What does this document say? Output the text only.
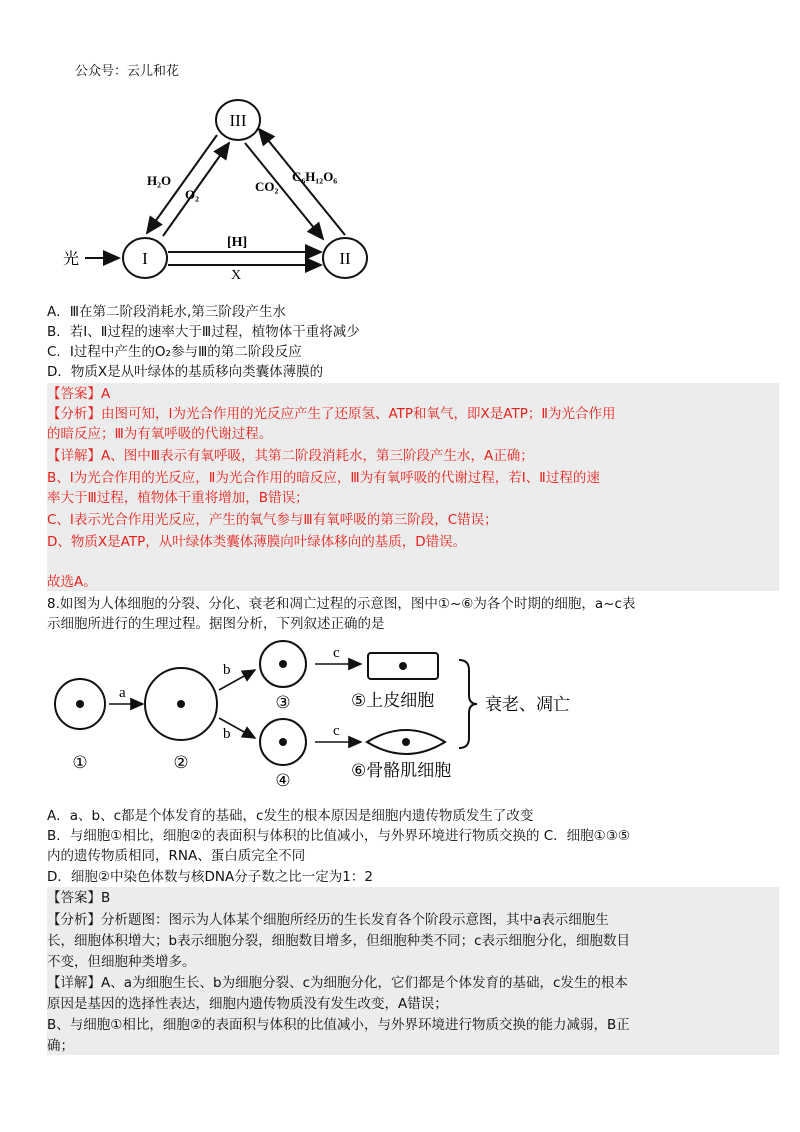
公众号：云儿和花
III
I	II
H₂O
O₂
CO₂
C₆H₁₂O₆
光
[H]
X
A．Ⅲ在第二阶段消耗水,第三阶段产生水
B．若Ⅰ、Ⅱ过程的速率大于Ⅲ过程，植物体干重将减少
C．Ⅰ过程中产生的O₂参与Ⅲ的第二阶段反应
D．物质X是从叶绿体的基质移向类囊体薄膜的
【答案】A
【分析】由图可知，Ⅰ为光合作用的光反应产生了还原氢、ATP和氧气，即X是ATP；Ⅱ为光合作用
的暗反应；Ⅲ为有氧呼吸的代谢过程。
【详解】A、图中Ⅲ表示有氧呼吸，其第二阶段消耗水，第三阶段产生水，A正确；
B、Ⅰ为光合作用的光反应，Ⅱ为光合作用的暗反应，Ⅲ为有氧呼吸的代谢过程，若Ⅰ、Ⅱ过程的速
率大于Ⅲ过程，植物体干重将增加，B错误；
C、Ⅰ表示光合作用光反应，产生的氧气参与Ⅲ有氧呼吸的第三阶段，C错误；
D、物质X是ATP，从叶绿体类囊体薄膜向叶绿体移向的基质，D错误。
故选A。
8.如图为人体细胞的分裂、分化、衰老和凋亡过程的示意图，图中①~⑥为各个时期的细胞，a~c表
示细胞所进行的生理过程。据图分析，下列叙述正确的是
①
a
②
b
b
③
④
c
c
⑤上皮细胞
⑥骨骼肌细胞
衰老、凋亡
A．a、b、c都是个体发育的基础，c发生的根本原因是细胞内遗传物质发生了改变
B．与细胞①相比，细胞②的表面积与体积的比值减小，与外界环境进行物质交换的 C．细胞①③⑤
内的遗传物质相同，RNA、蛋白质完全不同
D．细胞②中染色体数与核DNA分子数之比一定为1：2
【答案】B
【分析】分析题图：图示为人体某个细胞所经历的生长发育各个阶段示意图，其中a表示细胞生
长，细胞体积增大；b表示细胞分裂，细胞数目增多，但细胞种类不同；c表示细胞分化，细胞数目
不变，但细胞种类增多。
【详解】A、a为细胞生长、b为细胞分裂、c为细胞分化，它们都是个体发育的基础，c发生的根本
原因是基因的选择性表达，细胞内遗传物质没有发生改变，A错误；
B、与细胞①相比，细胞②的表面积与体积的比值减小，与外界环境进行物质交换的能力减弱，B正
确；
